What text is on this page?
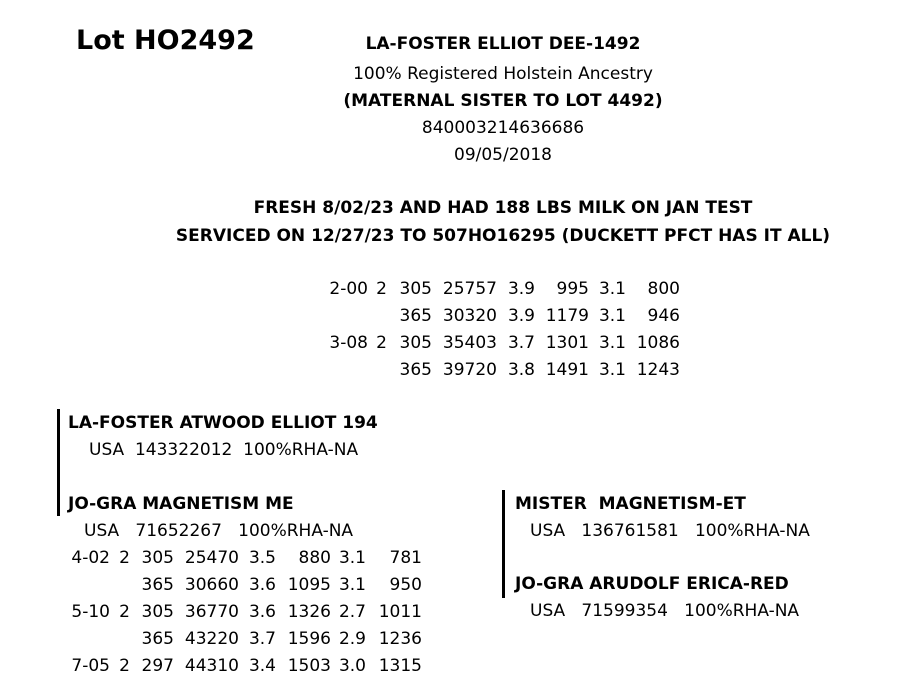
Lot HO2492	LA-FOSTER ELLIOT DEE-1492
100% Registered Holstein Ancestry
(MATERNAL SISTER TO LOT 4492)
840003214636686
09/05/2018
FRESH 8/02/23 AND HAD 188 LBS MILK ON JAN TEST
SERVICED ON 12/27/23 TO 507HO16295 (DUCKETT PFCT HAS IT ALL)
2-00 2 305 25757 3.9 995 3.1 800
365 30320 3.9 1179 3.1 946
3-08 2 305 35403 3.7 1301 3.1 1086
365 39720 3.8 1491 3.1 1243
LA-FOSTER ATWOOD ELLIOT 194
USA  143322012  100%RHA-NA
JO-GRA MAGNETISM ME
USA   71652267   100%RHA-NA
4-02 2 305 25470 3.5 880 3.1 781
365 30660 3.6 1095 3.1 950
5-10 2 305 36770 3.6 1326 2.7 1011
365 43220 3.7 1596 2.9 1236
7-05 2 297 44310 3.4 1503 3.0 1315
MISTER  MAGNETISM-ET
USA   136761581   100%RHA-NA
JO-GRA ARUDOLF ERICA-RED
USA   71599354   100%RHA-NA
